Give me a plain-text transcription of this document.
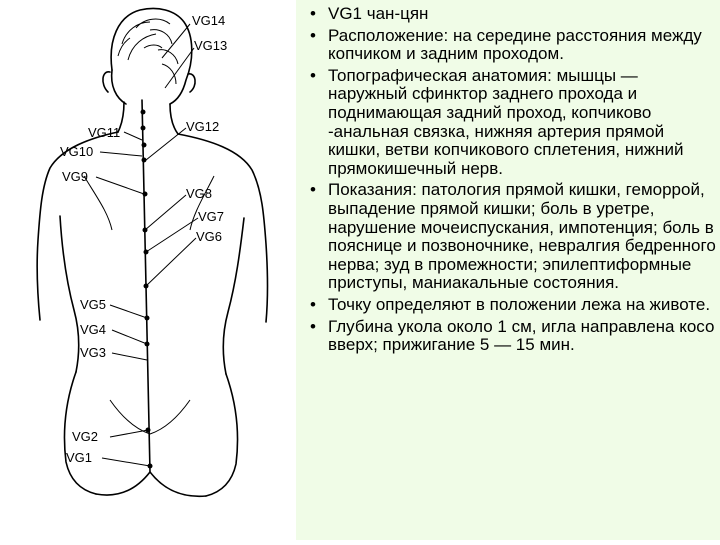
VG14
VG13
VG12
VG11
VG10
VG9
VG8
VG7
VG6
VG5
VG4
VG3
VG2
VG1
• VG1 чан-цян
• Расположение: на середине расстояния между копчиком и задним проходом.
• Топографическая анатомия: мышцы — наружный сфинктор заднего прохода и поднимающая задний проход, копчиково -анальная связка, нижняя артерия прямой кишки, ветви копчикового сплетения, нижний прямокишечный нерв.
• Показания: патология прямой кишки, геморрой, выпадение прямой кишки; боль в уретре, нарушение мочеиспускания, импотенция; боль в пояснице и позвоночнике, невралгия бедренного нерва; зуд в промежности; эпилептиформные приступы, маниакальные состояния.
• Точку определяют в положении лежа на животе.
• Глубина укола около 1 см, игла направлена косо вверх; прижигание 5 — 15 мин.
